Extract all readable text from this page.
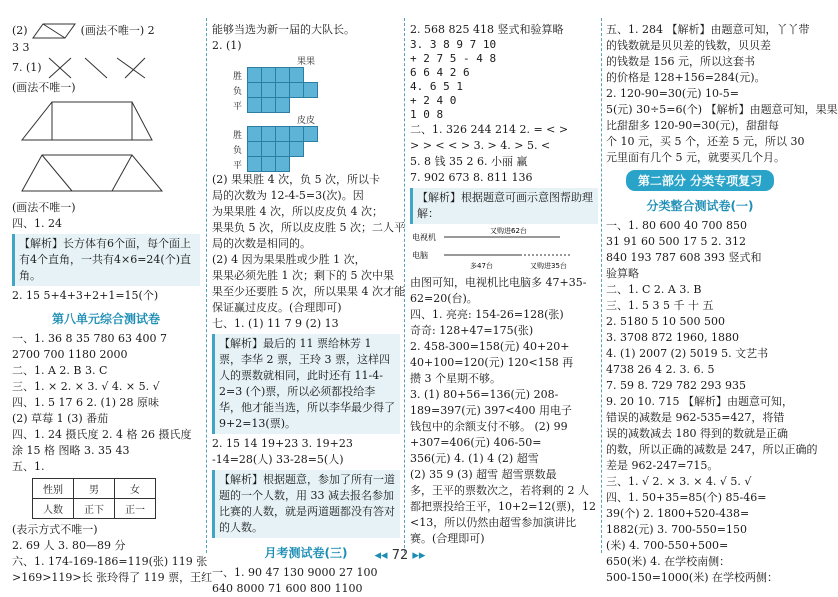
(2)	(画法不唯一) 2
3 3
7. (1)
(画法不唯一)

(画法不唯一)
四、1. 24
【解析】长方体有6个面，每个面上有4个直角，一共有4×6=24(个)直角。
2. 15 5+4+3+2+1=15(个)
第八单元综合测试卷
一、1. 36 8 35 780 63 400 7
2700 700 1180 2000
二、1. A 2. B 3. C
三、1. × 2. × 3. √ 4. × 5. √
四、1. 5 17 6 2. (1) 28 原味
(2) 草莓 1 (3) 番茄
四、1. 24 摄氏度 2. 4 格 26 摄氏度
涂 15 格 图略 3. 35 43
五、1.
性别	男	女
人数	正下	正一
(表示方式不唯一)
2. 69 人 3. 80—89 分
六、1. 174-169-186=119(张) 119 张
>169>119>长 张玲得了 119 票，王红
能够当选为新一届的大队长。
2. (1)
果果
胜								
负								
平								
皮皮
胜								
负								
平								
(2) 果果胜 4 次，负 5 次，所以卡
局的次数为 12-4-5=3(次)。因
为果果胜 4 次，所以皮皮负 4 次；
果果负 5 次，所以皮皮胜 5 次；二人平
局的次数是相同的。
(2) 4 因为果果胜或少胜 1 次，
果果必须先胜 1 次；剩下的 5 次中果
果至少还要胜 5 次，所以果果 4 次才能
保证赢过皮皮。(合理即可)
七、1. (1) 11 7 9 (2) 13
【解析】最后的 11 票给林芳 1 票，李华 2 票，王玲 3 票，这样四人的票数就相同，此时还有 11-4-2=3 (个)票，所以必须都投给李华，他才能当选，所以李华最少得了 9+2=13(票)。
2. 15 14 19+23 3. 19+23
-14=28(人) 33-28=5(人)
【解析】根据题意，参加了所有一道题的一个人数，用 33 减去报名参加比赛的人数，就是两道题都没有答对的人数。
月考测试卷(三)
一、1. 90 47 130 9000 27 100
640 8000 71 600 800 1100
2. 568 825 418 竖式和验算略
3. 3 8 9 7 10
+ 2 7 5 - 4 8
6 6 4 2 6
4. 6 5 1
+ 2 4 0
1 0 8
二、1. 326 244 214 2. = < >
> > < < > 3. > 4. > 5. <
5. 8 钱 35 2 6. 小丽 赢
7. 902 673 8. 811 136
【解析】根据题意可画示意图帮助理解：
电视机
电脑
又购进62台
多47台	又购进35台
由图可知，电视机比电脑多 47+35-
62=20(台)。
四、1. 亮亮: 154-26=128(张)
奇奇: 128+47=175(张)
2. 458-300=158(元) 40+20+
40+100=120(元) 120<158 再
攒 3 个星期不够。
3. (1) 80+56=136(元) 208-
189=397(元) 397<400 用电子
钱包中的余额支付不够。 (2) 99
+307=406(元) 406-50=
356(元) 4. (1) 4 (2) 超雪
(2) 35 9 (3) 超雪 超雪票数最
多，王平的票数次之，若将剩的 2 人
都把票投给王平，10+2=12(票)，12
<13，所以仍然由超雪参加演讲比
赛。(合理即可)
五、1. 284 【解析】由题意可知，丫丫带
的钱数就是贝贝差的钱数，贝贝差
的钱数是 156 元，所以这套书
的价格是 128+156=284(元)。
2. 120-90=30(元) 10-5=
5(元) 30÷5=6(个) 【解析】由题意可知，果果
比甜甜多 120-90=30(元)，甜甜每
个 10 元，买 5 个，还差 5 元，所以 30
元里面有几个 5 元，就要买几个月。
第二部分 分类专项复习
分类整合测试卷(一)
一、1. 80 600 40 700 850
31 91 60 500 17 5 2. 312
840 193 787 608 393 竖式和
验算略
二、1. C 2. A 3. B
三、1. 5 3 5 千 十 五
2. 5180 5 10 500 500
3. 3708 872 1960, 1880
4. (1) 2007 (2) 5019 5. 文艺书
4738 26 4 2. 3. 6. 5
7. 59 8. 729 782 293 935
9. 20 10. 715 【解析】由题意可知，
错误的减数是 962-535=427，将错
误的减数减去 180 得到的数就是正确
的数，所以正确的减数是 247，所以正确的
差是 962-247=715。
三、1. √ 2. × 3. × 4. √ 5. √
四、1. 50+35=85(个) 85-46=
39(个) 2. 1800+520-438=
1882(元) 3. 700-550=150
(米) 4. 700-550+500=
650(米) 4. 在学校南侧：
500-150=1000(米) 在学校两侧：
◂◂ 72 ▸▸
